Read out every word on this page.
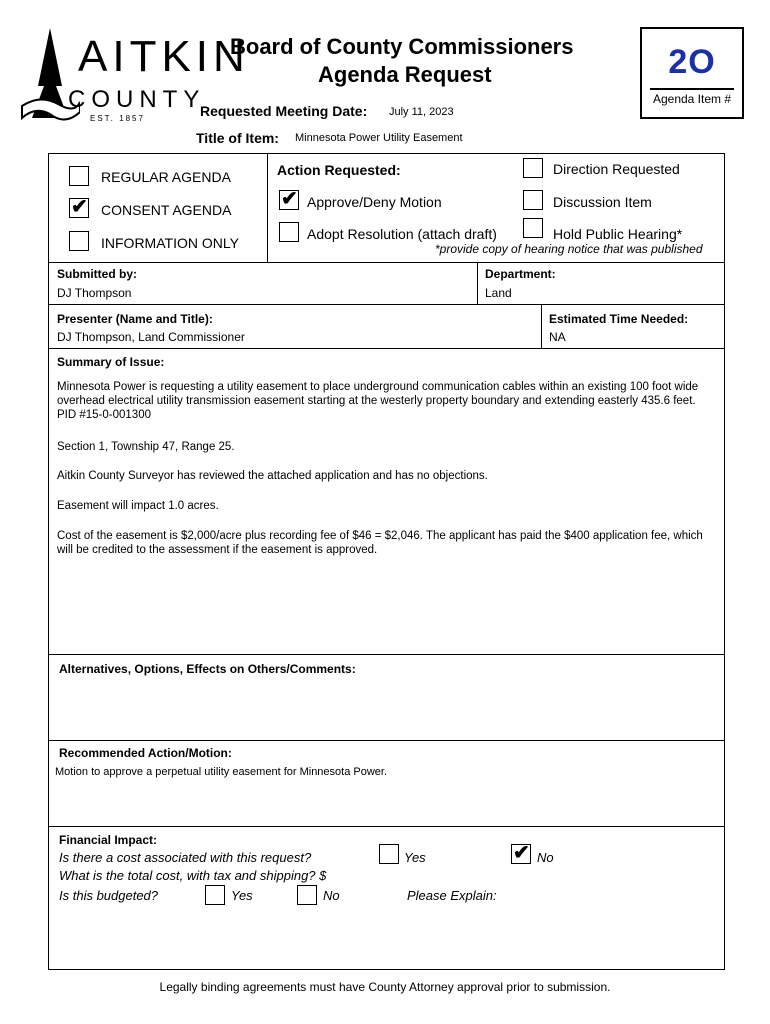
AITKIN
COUNTY
EST. 1857
Board of County Commissioners
Agenda Request
Requested Meeting Date: July 11, 2023
Title of Item: Minnesota Power Utility Easement
2O
Agenda Item #
REGULAR AGENDA
✔ CONSENT AGENDA
INFORMATION ONLY
Action Requested:
✔ Approve/Deny Motion
Adopt Resolution (attach draft)
Direction Requested
Discussion Item
Hold Public Hearing*
*provide copy of hearing notice that was published
Submitted by:
DJ Thompson
Department:
Land
Presenter (Name and Title):
DJ Thompson, Land Commissioner
Estimated Time Needed:
NA
Summary of Issue:
Minnesota Power is requesting a utility easement to place underground communication cables within an existing 100 foot wide overhead electrical utility transmission easement starting at the westerly property boundary and extending easterly 435.6 feet. PID #15-0-001300
Section 1, Township 47, Range 25.
Aitkin County Surveyor has reviewed the attached application and has no objections.
Easement will impact 1.0 acres.
Cost of the easement is $2,000/acre plus recording fee of $46 = $2,046. The applicant has paid the $400 application fee, which will be credited to the assessment if the easement is approved.
Alternatives, Options, Effects on Others/Comments:
Recommended Action/Motion:
Motion to approve a perpetual utility easement for Minnesota Power.
Financial Impact:
Is there a cost associated with this request?	Yes	✔ No
What is the total cost, with tax and shipping? $
Is this budgeted?	Yes	No	Please Explain:
Legally binding agreements must have County Attorney approval prior to submission.
